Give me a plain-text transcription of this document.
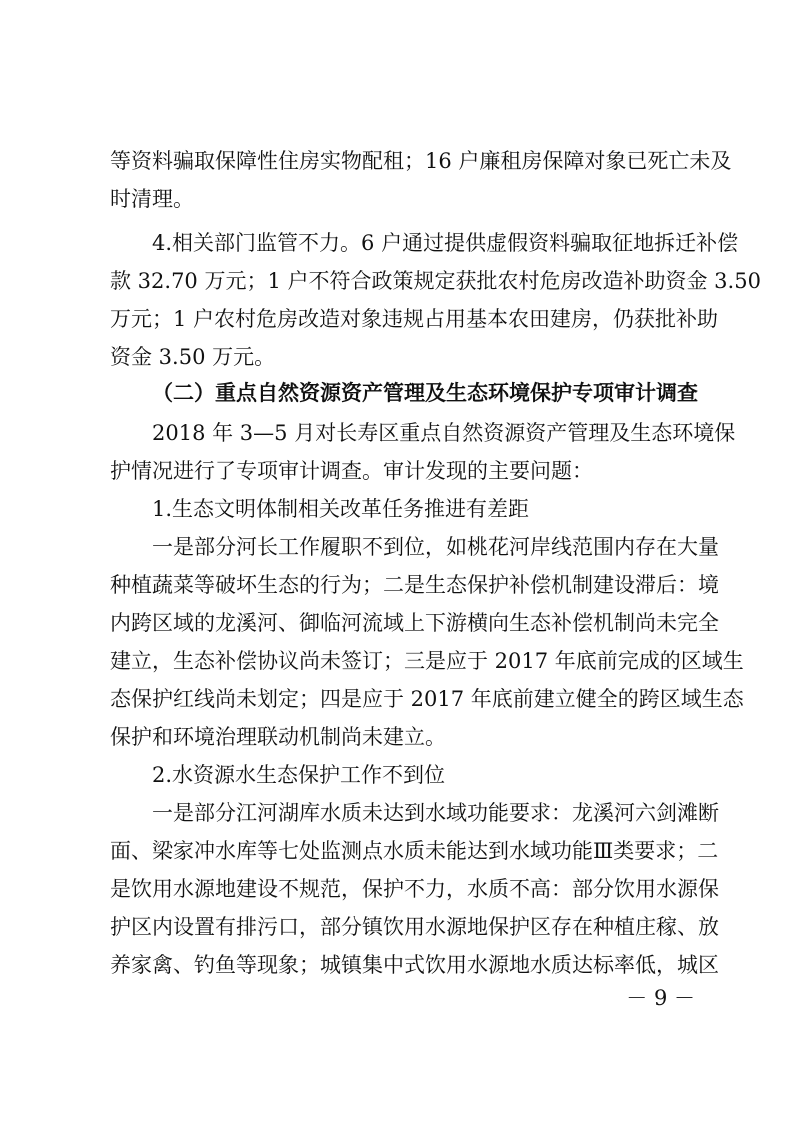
等资料骗取保障性住房实物配租；16 户廉租房保障对象已死亡未及
时清理。
4.相关部门监管不力。6 户通过提供虚假资料骗取征地拆迁补偿
款 32.70 万元；1 户不符合政策规定获批农村危房改造补助资金 3.50
万元；1 户农村危房改造对象违规占用基本农田建房，仍获批补助
资金 3.50 万元。
（二）重点自然资源资产管理及生态环境保护专项审计调查
2018 年 3—5 月对长寿区重点自然资源资产管理及生态环境保
护情况进行了专项审计调查。审计发现的主要问题：
1.生态文明体制相关改革任务推进有差距
一是部分河长工作履职不到位，如桃花河岸线范围内存在大量
种植蔬菜等破坏生态的行为；二是生态保护补偿机制建设滞后：境
内跨区域的龙溪河、御临河流域上下游横向生态补偿机制尚未完全
建立，生态补偿协议尚未签订；三是应于 2017 年底前完成的区域生
态保护红线尚未划定；四是应于 2017 年底前建立健全的跨区域生态
保护和环境治理联动机制尚未建立。
2.水资源水生态保护工作不到位
一是部分江河湖库水质未达到水域功能要求：龙溪河六剑滩断
面、梁家冲水库等七处监测点水质未能达到水域功能Ⅲ类要求；二
是饮用水源地建设不规范，保护不力，水质不高：部分饮用水源保
护区内设置有排污口，部分镇饮用水源地保护区存在种植庄稼、放
养家禽、钓鱼等现象；城镇集中式饮用水源地水质达标率低，城区
－ 9 －
